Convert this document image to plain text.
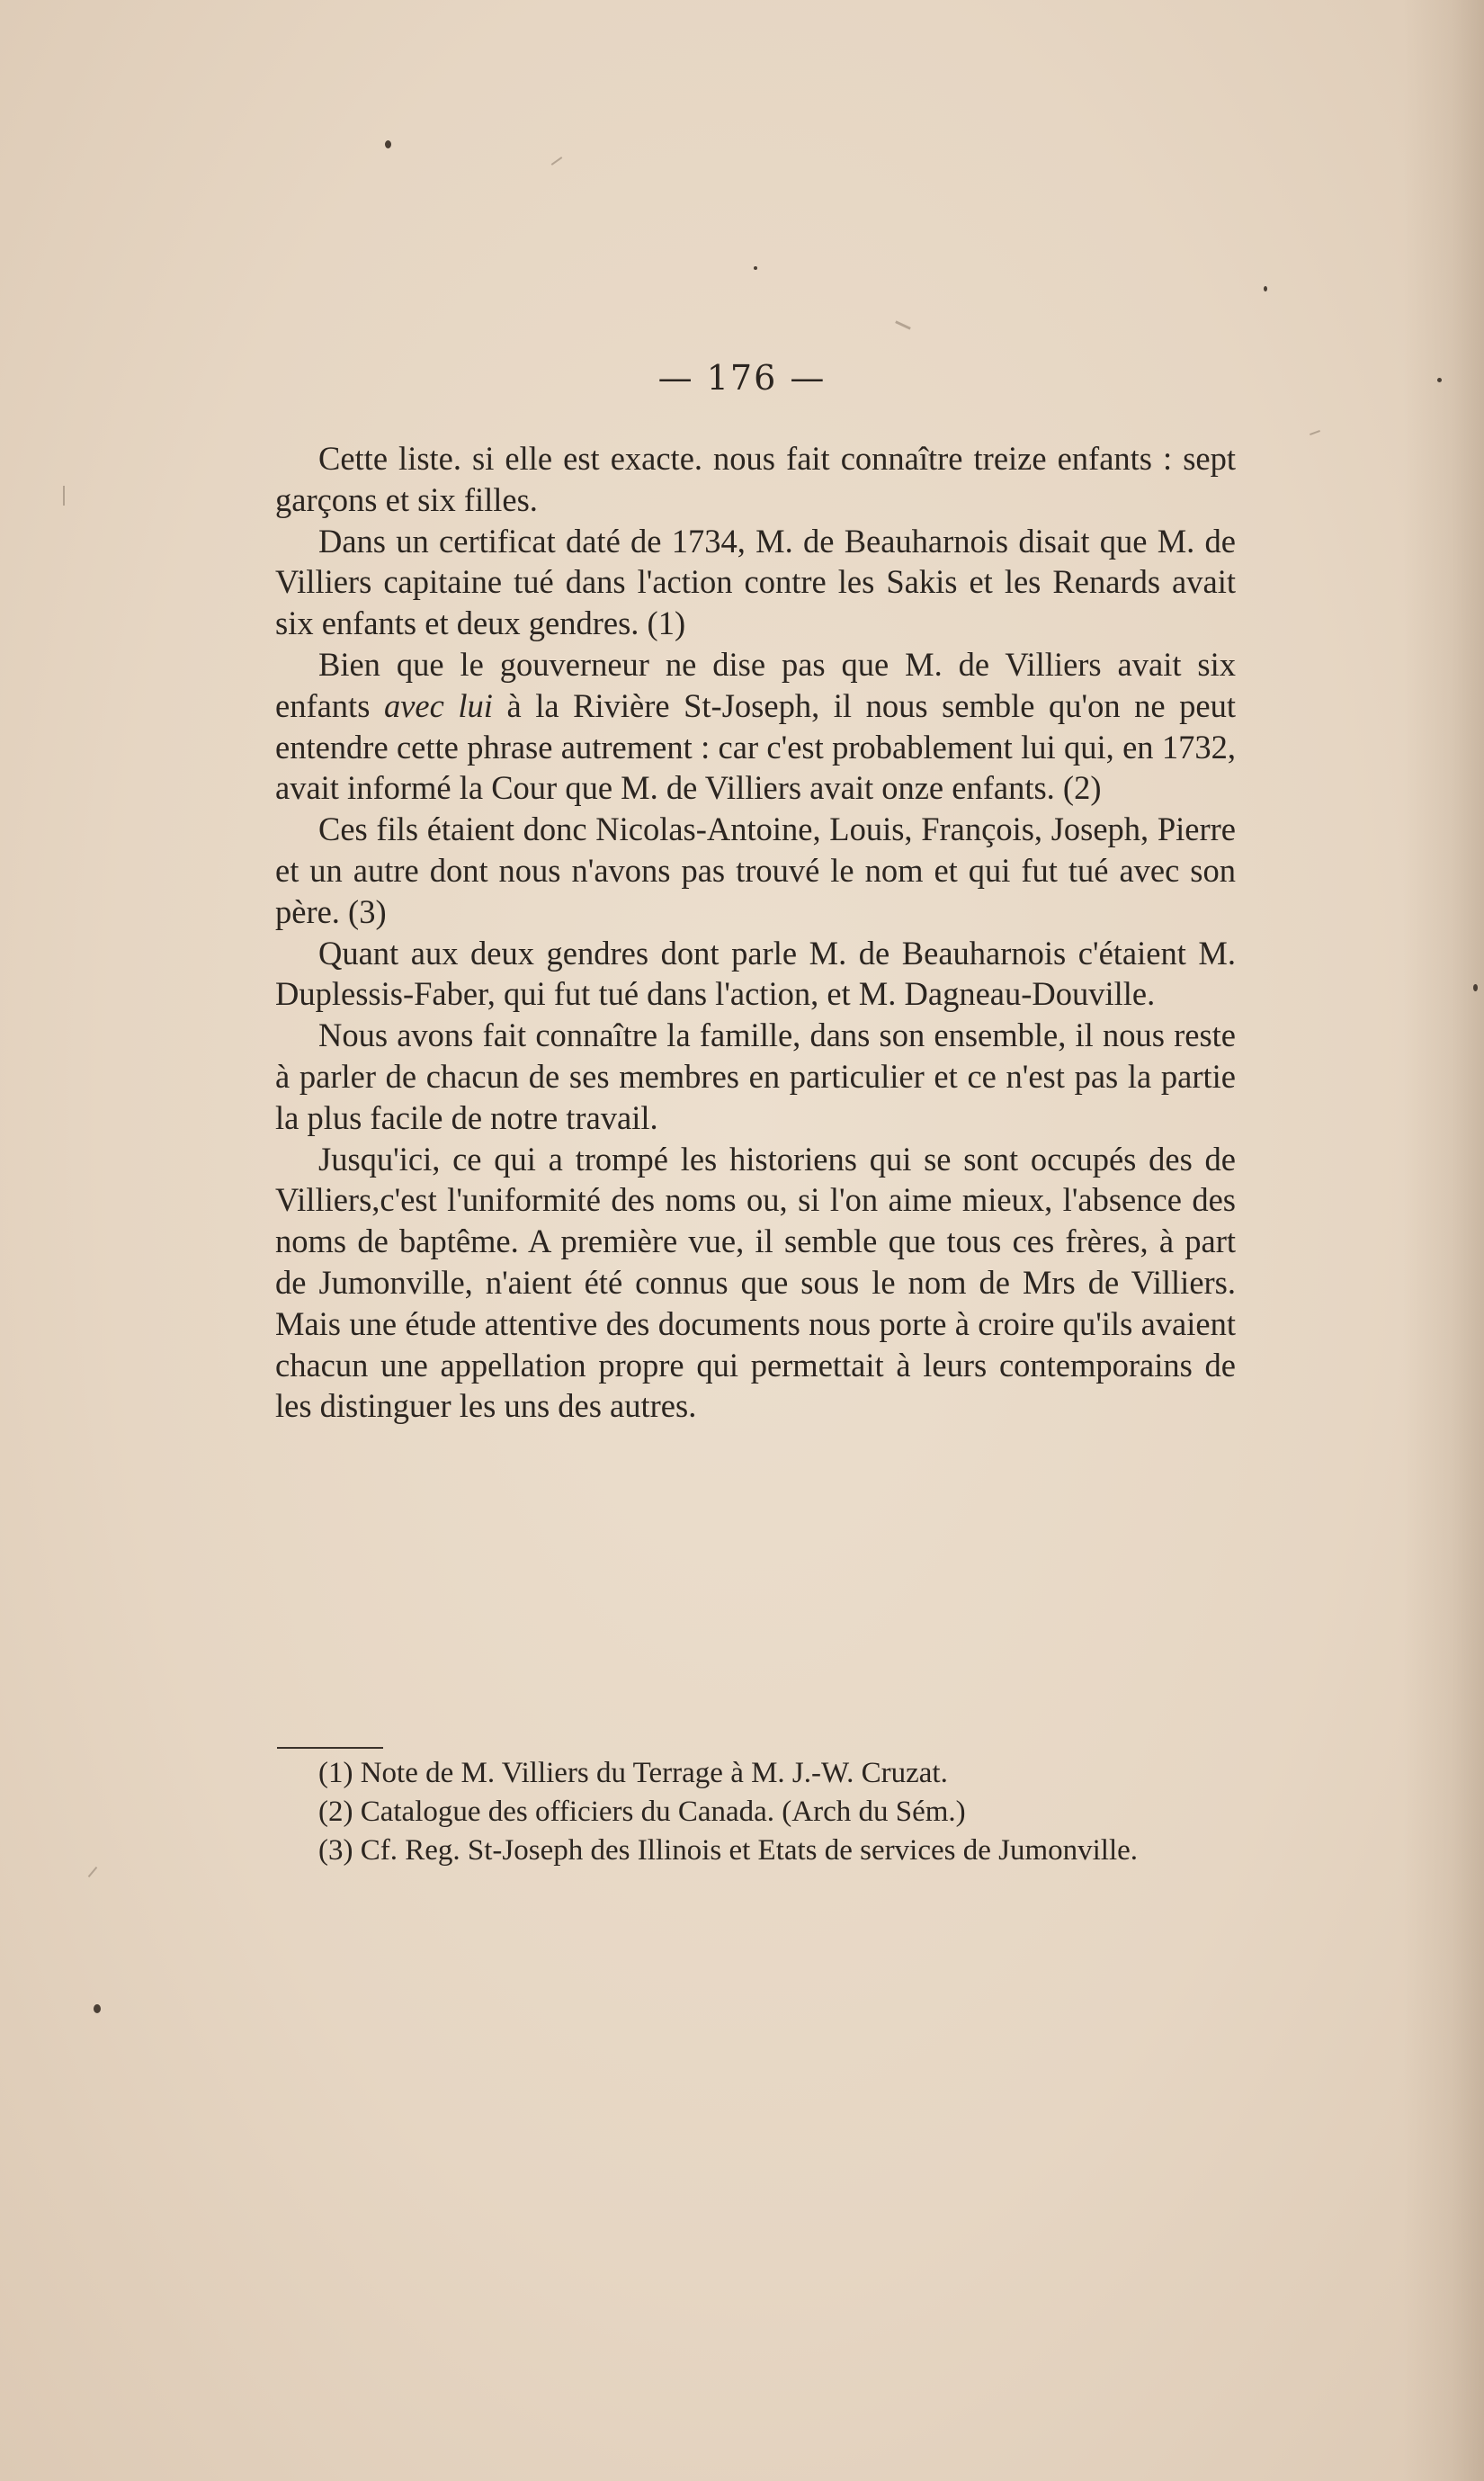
— 176 —

Cette liste. si elle est exacte. nous fait connaître treize enfants : sept garçons et six filles.

Dans un certificat daté de 1734, M. de Beauharnois disait que M. de Villiers capitaine tué dans l'action contre les Sakis et les Renards avait six enfants et deux gendres. (1)

Bien que le gouverneur ne dise pas que M. de Villiers avait six enfants avec lui à la Rivière St-Joseph, il nous semble qu'on ne peut entendre cette phrase autrement : car c'est probablement lui qui, en 1732, avait informé la Cour que M. de Villiers avait onze enfants. (2)

Ces fils étaient donc Nicolas-Antoine, Louis, François, Joseph, Pierre et un autre dont nous n'avons pas trouvé le nom et qui fut tué avec son père. (3)

Quant aux deux gendres dont parle M. de Beauharnois c'étaient M. Duplessis-Faber, qui fut tué dans l'action, et M. Dagneau-Douville.

Nous avons fait connaître la famille, dans son ensemble, il nous reste à parler de chacun de ses membres en particulier et ce n'est pas la partie la plus facile de notre travail.

Jusqu'ici, ce qui a trompé les historiens qui se sont occupés des de Villiers,c'est l'uniformité des noms ou, si l'on aime mieux, l'absence des noms de baptême. A première vue, il semble que tous ces frères, à part de Jumonville, n'aient été connus que sous le nom de Mrs de Villiers. Mais une étude attentive des documents nous porte à croire qu'ils avaient chacun une appellation propre qui permettait à leurs contemporains de les distinguer les uns des autres.

(1) Note de M. Villiers du Terrage à M. J.-W. Cruzat.

(2) Catalogue des officiers du Canada. (Arch du Sém.)

(3) Cf. Reg. St-Joseph des Illinois et Etats de services de Jumonville.
